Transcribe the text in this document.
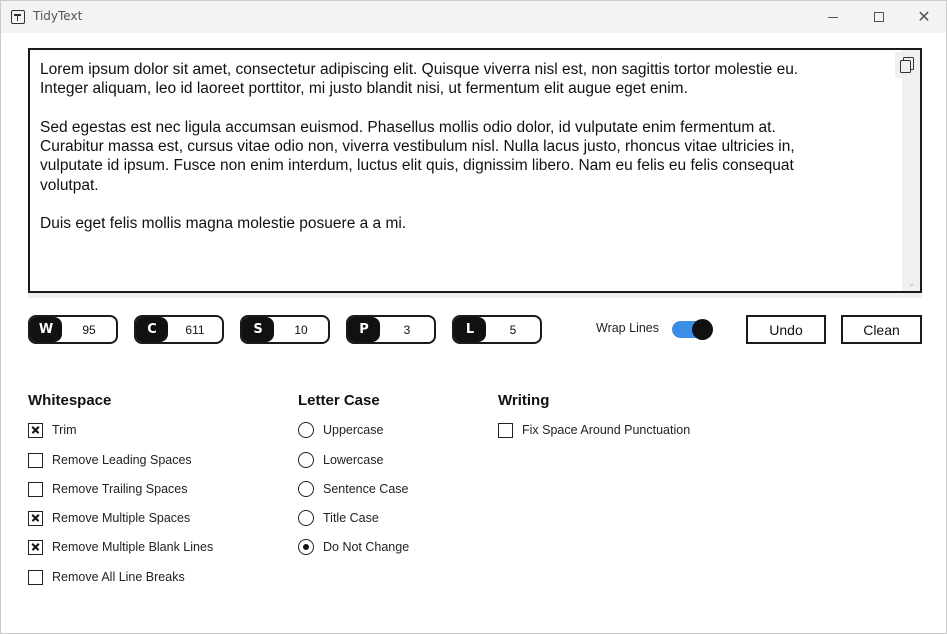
TidyText	✕
Lorem ipsum dolor sit amet, consectetur adipiscing elit. Quisque viverra nisl est, non sagittis tortor molestie eu.
Integer aliquam, leo id laoreet porttitor, mi justo blandit nisi, ut fermentum elit augue eget enim.

Sed egestas est nec ligula accumsan euismod. Phasellus mollis odio dolor, id vulputate enim fermentum at.
Curabitur massa est, cursus vitae odio non, viverra vestibulum nisl. Nulla lacus justo, rhoncus vitae ultricies in,
vulputate id ipsum. Fusce non enim interdum, luctus elit quis, dignissim libero. Nam eu felis eu felis consequat
volutpat.

Duis eget felis mollis magna molestie posuere a a mi.
⌄
W	95	C	611	S	10	P	3	L	5	Wrap Lines	Undo	Clean
Whitespace
Trim
Remove Leading Spaces
Remove Trailing Spaces
Remove Multiple Spaces
Remove Multiple Blank Lines
Remove All Line Breaks
Letter Case
Uppercase
Lowercase
Sentence Case
Title Case
Do Not Change
Writing
Fix Space Around Punctuation
